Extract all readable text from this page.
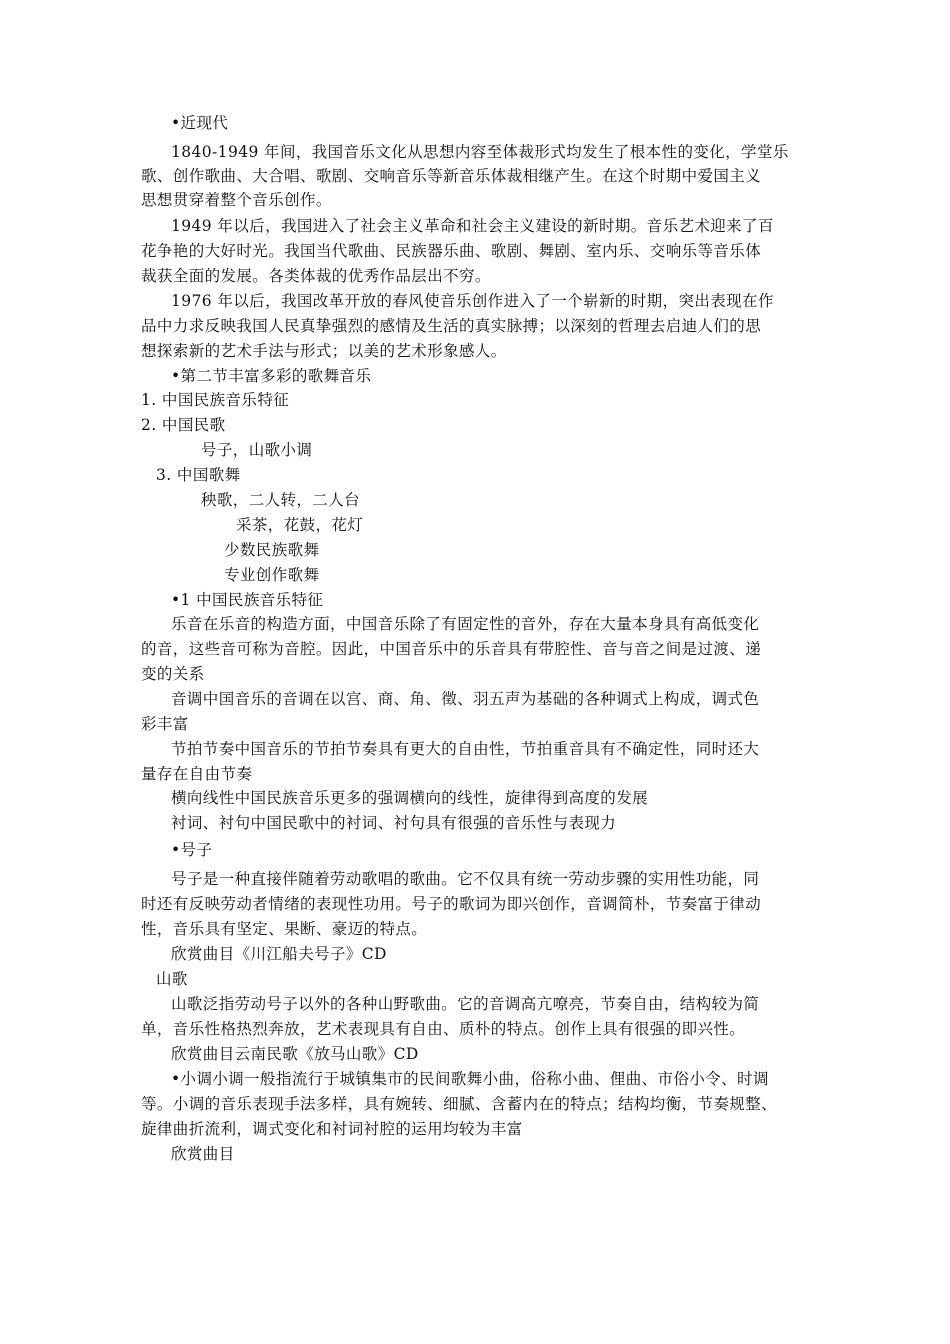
•近现代
1840-1949 年间，我国音乐文化从思想内容至体裁形式均发生了根本性的变化，学堂乐
歌、创作歌曲、大合唱、歌剧、交响音乐等新音乐体裁相继产生。在这个时期中爱国主义
思想贯穿着整个音乐创作。
1949 年以后，我国进入了社会主义革命和社会主义建设的新时期。音乐艺术迎来了百
花争艳的大好时光。我国当代歌曲、民族器乐曲、歌剧、舞剧、室内乐、交响乐等音乐体
裁获全面的发展。各类体裁的优秀作品层出不穷。
1976 年以后，我国改革开放的春风使音乐创作进入了一个崭新的时期，突出表现在作
品中力求反映我国人民真挚强烈的感情及生活的真实脉搏；以深刻的哲理去启迪人们的思
想探索新的艺术手法与形式；以美的艺术形象感人。
•第二节丰富多彩的歌舞音乐
1. 中国民族音乐特征
2. 中国民歌
号子，山歌小调
3. 中国歌舞
秧歌，二人转，二人台
采茶，花鼓，花灯
少数民族歌舞
专业创作歌舞
•1 中国民族音乐特征
乐音在乐音的构造方面，中国音乐除了有固定性的音外，存在大量本身具有高低变化
的音，这些音可称为音腔。因此，中国音乐中的乐音具有带腔性、音与音之间是过渡、递
变的关系
音调中国音乐的音调在以宫、商、角、徵、羽五声为基础的各种调式上构成，调式色
彩丰富
节拍节奏中国音乐的节拍节奏具有更大的自由性，节拍重音具有不确定性，同时还大
量存在自由节奏
横向线性中国民族音乐更多的强调横向的线性，旋律得到高度的发展
衬词、衬句中国民歌中的衬词、衬句具有很强的音乐性与表现力
•号子
号子是一种直接伴随着劳动歌唱的歌曲。它不仅具有统一劳动步骤的实用性功能，同
时还有反映劳动者情绪的表现性功用。号子的歌词为即兴创作，音调简朴，节奏富于律动
性，音乐具有坚定、果断、豪迈的特点。
欣赏曲目《川江船夫号子》CD
山歌
山歌泛指劳动号子以外的各种山野歌曲。它的音调高亢嘹亮，节奏自由，结构较为简
单，音乐性格热烈奔放，艺术表现具有自由、质朴的特点。创作上具有很强的即兴性。
欣赏曲目云南民歌《放马山歌》CD
•小调小调一般指流行于城镇集市的民间歌舞小曲，俗称小曲、俚曲、市俗小令、时调
等。小调的音乐表现手法多样，具有婉转、细腻、含蓄内在的特点；结构均衡，节奏规整、
旋律曲折流利，调式变化和衬词衬腔的运用均较为丰富
欣赏曲目
